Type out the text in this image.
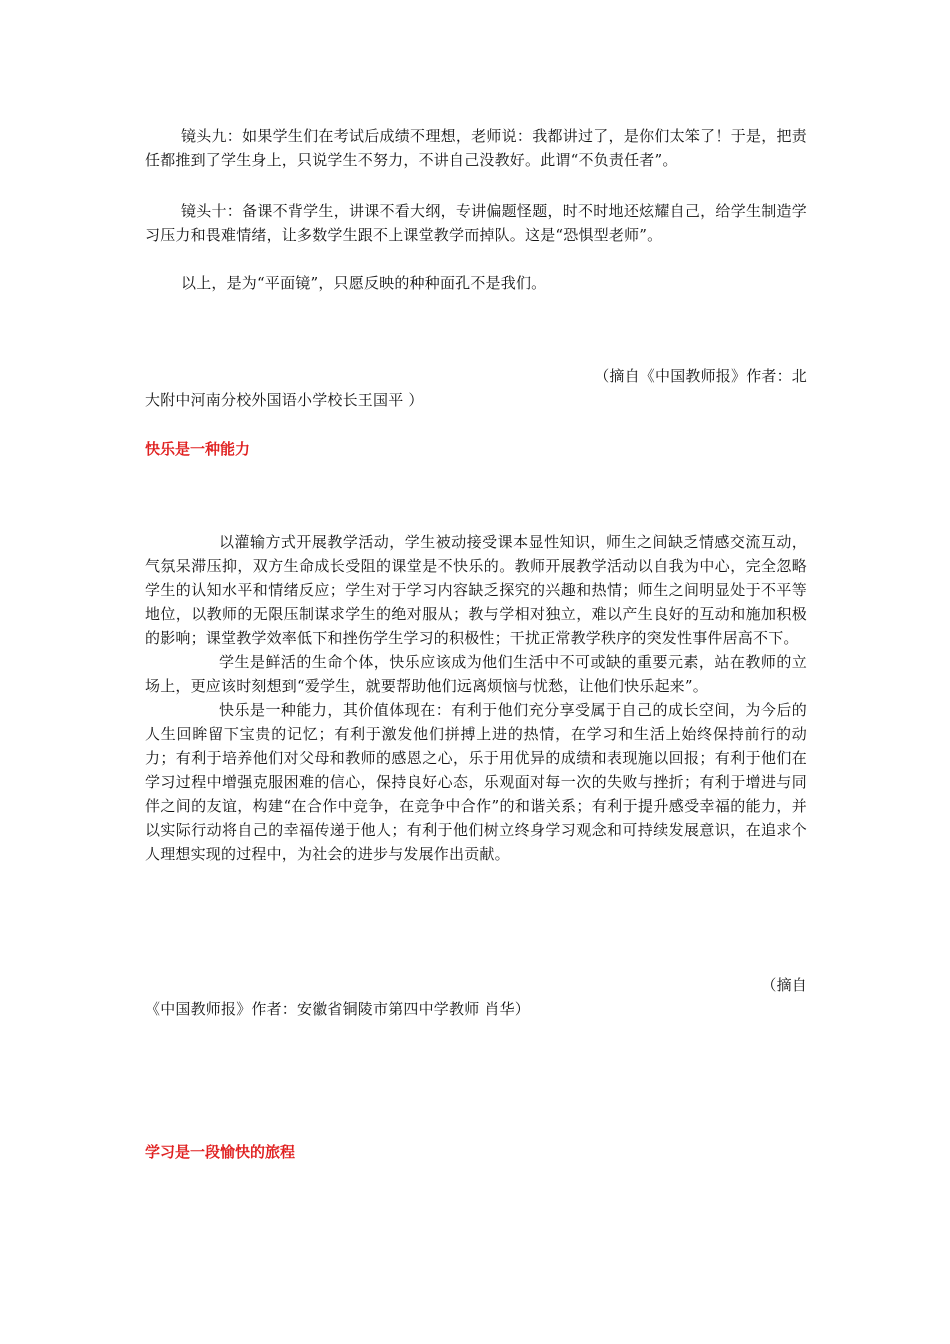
镜头九：如果学生们在考试后成绩不理想，老师说：我都讲过了，是你们太笨了！于是，把责任都推到了学生身上，只说学生不努力，不讲自己没教好。此谓“不负责任者”。

镜头十：备课不背学生，讲课不看大纲，专讲偏题怪题，时不时地还炫耀自己，给学生制造学习压力和畏难情绪，让多数学生跟不上课堂教学而掉队。这是“恐惧型老师”。

以上，是为“平面镜”，只愿反映的种种面孔不是我们。

（摘自《中国教师报》作者：北

大附中河南分校外国语小学校长王国平 ）

快乐是一种能力

以灌输方式开展教学活动，学生被动接受课本显性知识，师生之间缺乏情感交流互动，气氛呆滞压抑，双方生命成长受阻的课堂是不快乐的。教师开展教学活动以自我为中心，完全忽略学生的认知水平和情绪反应；学生对于学习内容缺乏探究的兴趣和热情；师生之间明显处于不平等地位，以教师的无限压制谋求学生的绝对服从；教与学相对独立，难以产生良好的互动和施加积极的影响；课堂教学效率低下和挫伤学生学习的积极性；干扰正常教学秩序的突发性事件居高不下。

学生是鲜活的生命个体，快乐应该成为他们生活中不可或缺的重要元素，站在教师的立场上，更应该时刻想到“爱学生，就要帮助他们远离烦恼与忧愁，让他们快乐起来”。

快乐是一种能力，其价值体现在：有利于他们充分享受属于自己的成长空间，为今后的人生回眸留下宝贵的记忆；有利于激发他们拼搏上进的热情，在学习和生活上始终保持前行的动力；有利于培养他们对父母和教师的感恩之心，乐于用优异的成绩和表现施以回报；有利于他们在学习过程中增强克服困难的信心，保持良好心态，乐观面对每一次的失败与挫折；有利于增进与同伴之间的友谊，构建“在合作中竞争，在竞争中合作”的和谐关系；有利于提升感受幸福的能力，并以实际行动将自己的幸福传递于他人；有利于他们树立终身学习观念和可持续发展意识，在追求个人理想实现的过程中，为社会的进步与发展作出贡献。

（摘自

《中国教师报》作者：安徽省铜陵市第四中学教师 肖华）

学习是一段愉快的旅程
